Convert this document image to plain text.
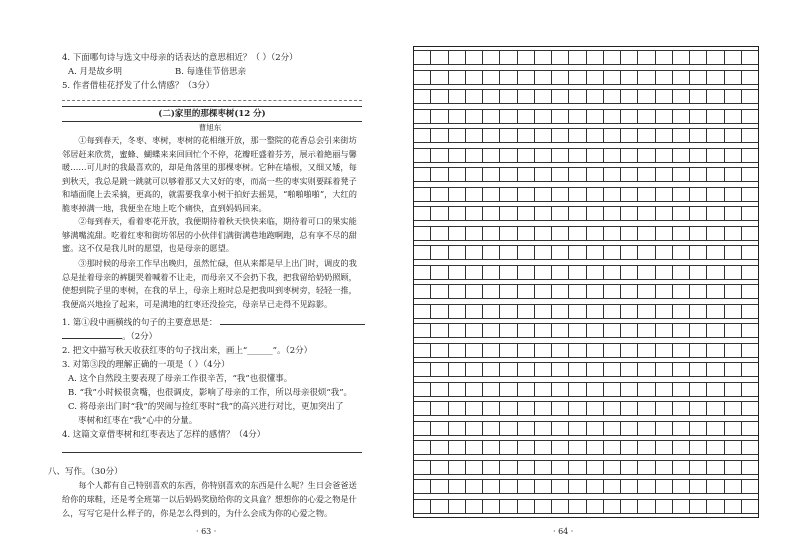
4. 下面哪句诗与选文中母亲的话表达的意思相近？（ ）（2分）
A. 月是故乡明	B. 每逢佳节倍思亲
5. 作者借桂花抒发了什么情感？（3分）
(二)家里的那棵枣树(12 分)
曹旭东
①每到春天，冬枣、枣树，枣树的花相继开放，那一整院的花香总会引来街坊邻居赶来欣赏，蜜蜂、蝴蝶来来回回忙个不停，花瓣旺盛着芬芳，展示着絶丽与馨暖……可儿时的我最喜欢的，却是角落里的那棵枣树。它种在墙根，又细又矮，每到秋天，我总是跳一跳就可以够着那又大又好的枣，而高一些的枣实则要踩着凳子和墙面爬上去采摘，更高的，就需要我拿小树干拍好去摇晃，“啪啪啪啪”，大红的脆枣掉满一地，我便坐在地上吃个痛快，直到妈妈回来。
②每到春天，看着枣花开放，我便期待着秋天快快来临，期待着可口的果实能够满嘴流甜。吃着红枣和街坊邻居的小伙伴们满街满巷地跑啊跑，总有享不尽的甜蜜。这不仅是我儿时的愿望，也是母亲的愿望。
③那时候的母亲工作早出晚归，虽然忙碌，但从来都是早上出门时，调皮的我总是扯着母亲的裤腿哭着喊着不让走，而母亲又不会扔下我，把我留给奶奶照顾，使想到院子里的枣树，在我的早上，母亲上班时总是把我叫到枣树旁，轻轻一推，我便高兴地捡了起来，可是满地的红枣还没捡完，母亲早已走得不见踪影。
1. 第①段中画横线的句子的主要意思是：
。（2分）
2. 把文中描写秋天收获红枣的句子找出来，画上“______”。（2分）
3. 对第③段的理解正确的一项是（ ）（4分）
A. 这个自然段主要表现了母亲工作很辛苦，“我”也很懂事。
B. “我”小时候很贪嘴，也很调皮，影响了母亲的工作，所以母亲很烦“我”。
C. 将母亲出门时“我”的哭闹与捡红枣时“我”的高兴进行对比，更加突出了
枣树和红枣在“我”心中的分量。
4. 这篇文章借枣树和红枣表达了怎样的感情？（4分）
八、写作。（30分）
每个人都有自己特别喜欢的东西，你特别喜欢的东西是什么呢？生日会爸爸送给你的球鞋，还是考全班第一以后妈妈奖励给你的文具盒？想想你的心爱之物是什么，写写它是什么样子的，你是怎么得到的，为什么会成为你的心爱之物。
· 63 ·	· 64 ·
